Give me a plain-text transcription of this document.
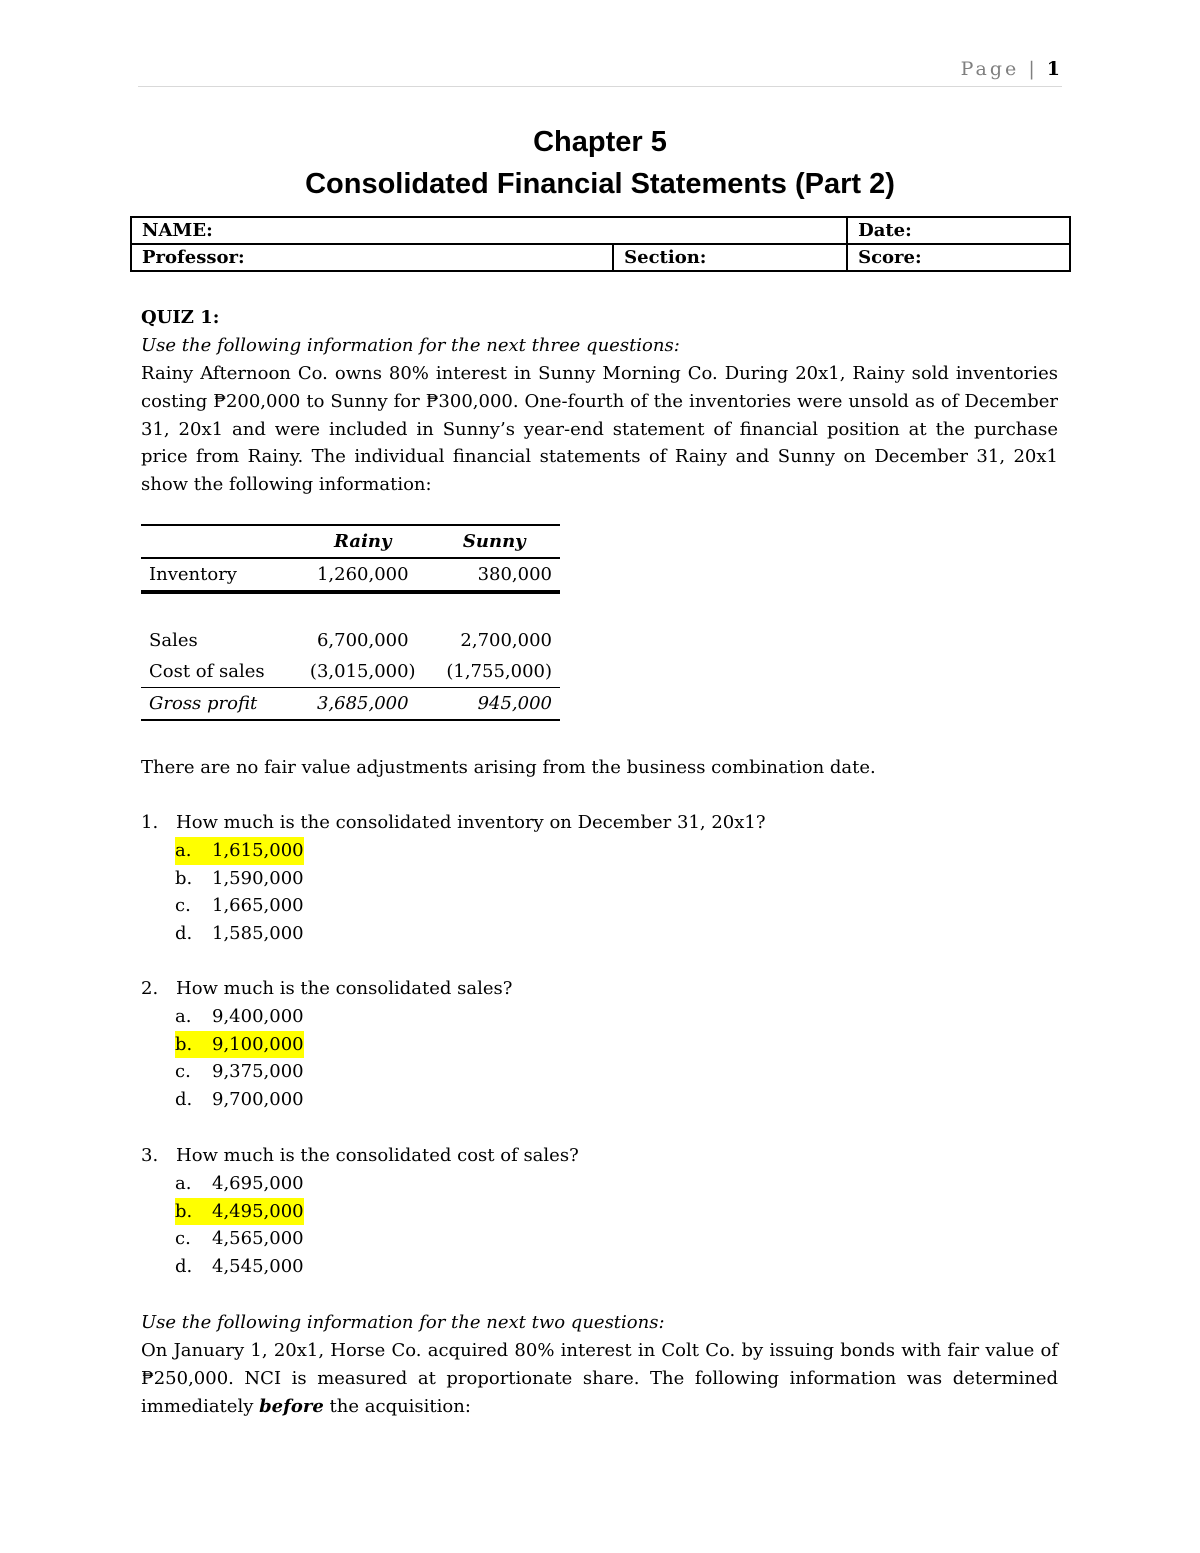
Page | 1
Chapter 5
Consolidated Financial Statements (Part 2)
NAME:		Date:
Professor:	Section:	Score:
QUIZ 1:
Use the following information for the next three questions:
Rainy Afternoon Co. owns 80% interest in Sunny Morning Co. During 20x1, Rainy sold inventories costing ₱200,000 to Sunny for ₱300,000. One-fourth of the inventories were unsold as of December 31, 20x1 and were included in Sunny’s year-end statement of financial position at the purchase price from Rainy. The individual financial statements of Rainy and Sunny on December 31, 20x1 show the following information:
	Rainy	Sunny
Inventory	1,260,000	380,000

Sales	6,700,000	2,700,000
Cost of sales	(3,015,000)	(1,755,000)
Gross profit	3,685,000	945,000
There are no fair value adjustments arising from the business combination date.
1. How much is the consolidated inventory on December 31, 20x1?
a.	1,615,000
b.	1,590,000
c.	1,665,000
d.	1,585,000
2. How much is the consolidated sales?
a.	9,400,000
b.	9,100,000
c.	9,375,000
d.	9,700,000
3. How much is the consolidated cost of sales?
a.	4,695,000
b.	4,495,000
c.	4,565,000
d.	4,545,000
Use the following information for the next two questions:
On January 1, 20x1, Horse Co. acquired 80% interest in Colt Co. by issuing bonds with fair value of ₱250,000. NCI is measured at proportionate share. The following information was determined immediately before the acquisition:
